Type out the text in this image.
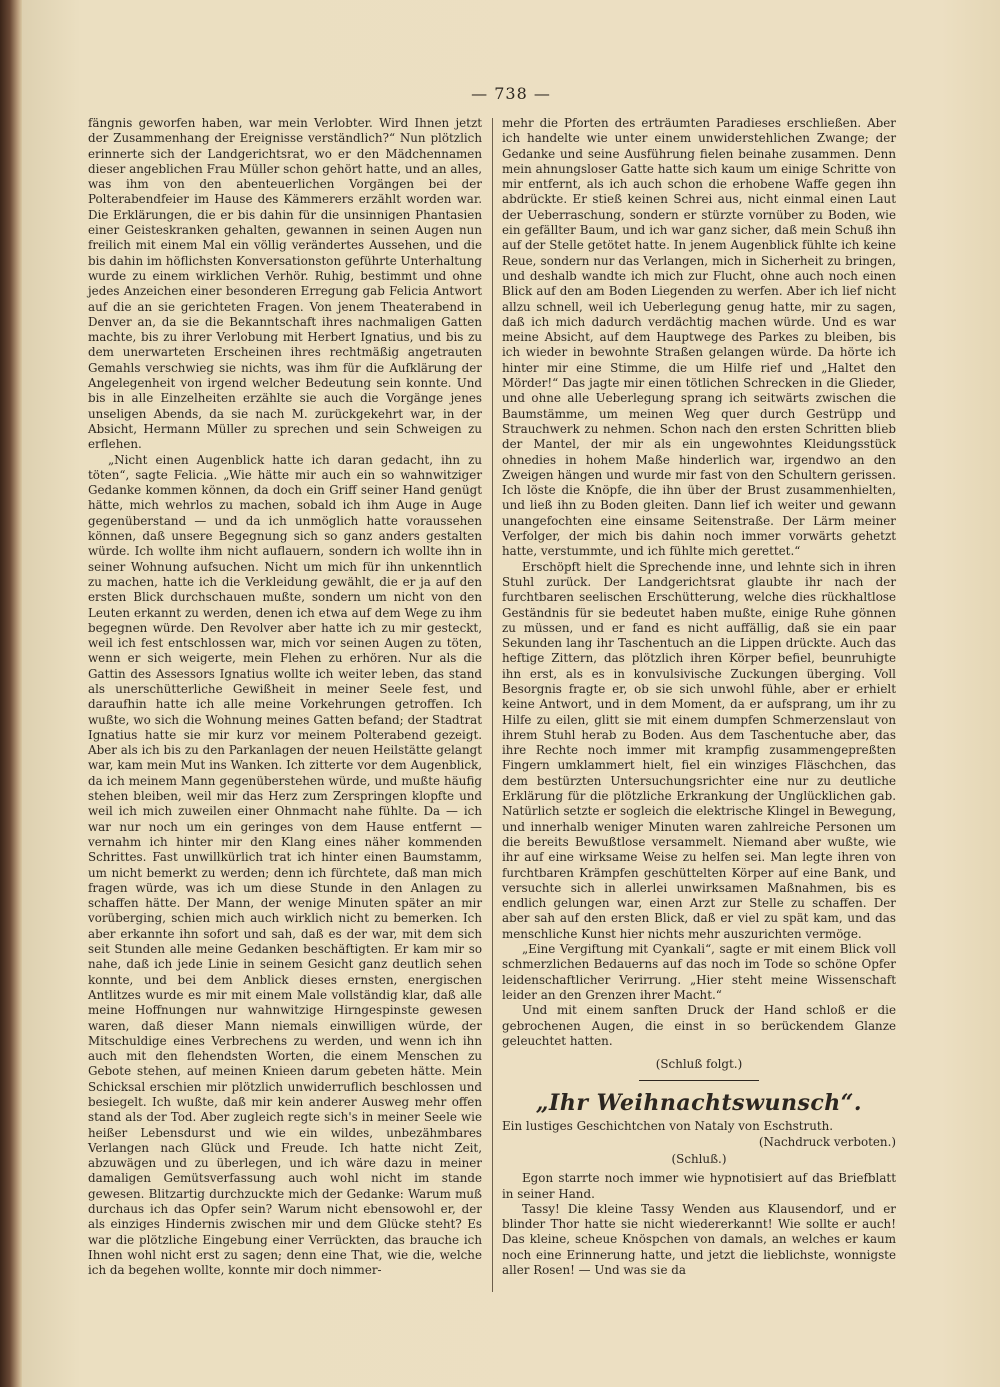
— 738 —

fängnis geworfen haben, war mein Verlobter. Wird Ihnen jetzt der Zusammenhang der Ereignisse verständlich?“ Nun plötzlich erinnerte sich der Landgerichtsrat, wo er den Mädchennamen dieser angeblichen Frau Müller schon gehört hatte, und an alles, was ihm von den abenteuerlichen Vorgängen bei der Polterabendfeier im Hause des Kämmerers erzählt worden war. Die Erklärungen, die er bis dahin für die unsinnigen Phantasien einer Geisteskranken gehalten, gewannen in seinen Augen nun freilich mit einem Mal ein völlig verändertes Aussehen, und die bis dahin im höflichsten Konversationston geführte Unterhaltung wurde zu einem wirklichen Verhör. Ruhig, bestimmt und ohne jedes Anzeichen einer besonderen Erregung gab Felicia Antwort auf die an sie gerichteten Fragen. Von jenem Theaterabend in Denver an, da sie die Bekanntschaft ihres nachmaligen Gatten machte, bis zu ihrer Verlobung mit Herbert Ignatius, und bis zu dem unerwarteten Erscheinen ihres rechtmäßig angetrauten Gemahls verschwieg sie nichts, was ihm für die Aufklärung der Angelegenheit von irgend welcher Bedeutung sein konnte. Und bis in alle Einzelheiten erzählte sie auch die Vorgänge jenes unseligen Abends, da sie nach M. zurückgekehrt war, in der Absicht, Hermann Müller zu sprechen und sein Schweigen zu erflehen.

„Nicht einen Augenblick hatte ich daran gedacht, ihn zu töten“, sagte Felicia. „Wie hätte mir auch ein so wahnwitziger Gedanke kommen können, da doch ein Griff seiner Hand genügt hätte, mich wehrlos zu machen, sobald ich ihm Auge in Auge gegenüberstand — und da ich unmöglich hatte voraussehen können, daß unsere Begegnung sich so ganz anders gestalten würde. Ich wollte ihm nicht auflauern, sondern ich wollte ihn in seiner Wohnung aufsuchen. Nicht um mich für ihn unkenntlich zu machen, hatte ich die Verkleidung gewählt, die er ja auf den ersten Blick durchschauen mußte, sondern um nicht von den Leuten erkannt zu werden, denen ich etwa auf dem Wege zu ihm begegnen würde. Den Revolver aber hatte ich zu mir gesteckt, weil ich fest entschlossen war, mich vor seinen Augen zu töten, wenn er sich weigerte, mein Flehen zu erhören. Nur als die Gattin des Assessors Ignatius wollte ich weiter leben, das stand als unerschütterliche Gewißheit in meiner Seele fest, und daraufhin hatte ich alle meine Vorkehrungen getroffen. Ich wußte, wo sich die Wohnung meines Gatten befand; der Stadtrat Ignatius hatte sie mir kurz vor meinem Polterabend gezeigt. Aber als ich bis zu den Parkanlagen der neuen Heilstätte gelangt war, kam mein Mut ins Wanken. Ich zitterte vor dem Augenblick, da ich meinem Mann gegenüberstehen würde, und mußte häufig stehen bleiben, weil mir das Herz zum Zerspringen klopfte und weil ich mich zuweilen einer Ohnmacht nahe fühlte. Da — ich war nur noch um ein geringes von dem Hause entfernt — vernahm ich hinter mir den Klang eines näher kommenden Schrittes. Fast unwillkürlich trat ich hinter einen Baumstamm, um nicht bemerkt zu werden; denn ich fürchtete, daß man mich fragen würde, was ich um diese Stunde in den Anlagen zu schaffen hätte. Der Mann, der wenige Minuten später an mir vorüberging, schien mich auch wirklich nicht zu bemerken. Ich aber erkannte ihn sofort und sah, daß es der war, mit dem sich seit Stunden alle meine Gedanken beschäftigten. Er kam mir so nahe, daß ich jede Linie in seinem Gesicht ganz deutlich sehen konnte, und bei dem Anblick dieses ernsten, energischen Antlitzes wurde es mir mit einem Male vollständig klar, daß alle meine Hoffnungen nur wahnwitzige Hirngespinste gewesen waren, daß dieser Mann niemals einwilligen würde, der Mitschuldige eines Verbrechens zu werden, und wenn ich ihn auch mit den flehendsten Worten, die einem Menschen zu Gebote stehen, auf meinen Knieen darum gebeten hätte. Mein Schicksal erschien mir plötzlich unwiderruflich beschlossen und besiegelt. Ich wußte, daß mir kein anderer Ausweg mehr offen stand als der Tod. Aber zugleich regte sich's in meiner Seele wie heißer Lebensdurst und wie ein wildes, unbezähmbares Verlangen nach Glück und Freude. Ich hatte nicht Zeit, abzuwägen und zu überlegen, und ich wäre dazu in meiner damaligen Gemütsverfassung auch wohl nicht im stande gewesen. Blitzartig durchzuckte mich der Gedanke: Warum muß durchaus ich das Opfer sein? Warum nicht ebensowohl er, der als einziges Hindernis zwischen mir und dem Glücke steht? Es war die plötzliche Eingebung einer Verrückten, das brauche ich Ihnen wohl nicht erst zu sagen; denn eine That, wie die, welche ich da begehen wollte, konnte mir doch nimmer-

mehr die Pforten des erträumten Paradieses erschließen. Aber ich handelte wie unter einem unwiderstehlichen Zwange; der Gedanke und seine Ausführung fielen beinahe zusammen. Denn mein ahnungsloser Gatte hatte sich kaum um einige Schritte von mir entfernt, als ich auch schon die erhobene Waffe gegen ihn abdrückte. Er stieß keinen Schrei aus, nicht einmal einen Laut der Ueberraschung, sondern er stürzte vornüber zu Boden, wie ein gefällter Baum, und ich war ganz sicher, daß mein Schuß ihn auf der Stelle getötet hatte. In jenem Augenblick fühlte ich keine Reue, sondern nur das Verlangen, mich in Sicherheit zu bringen, und deshalb wandte ich mich zur Flucht, ohne auch noch einen Blick auf den am Boden Liegenden zu werfen. Aber ich lief nicht allzu schnell, weil ich Ueberlegung genug hatte, mir zu sagen, daß ich mich dadurch verdächtig machen würde. Und es war meine Absicht, auf dem Hauptwege des Parkes zu bleiben, bis ich wieder in bewohnte Straßen gelangen würde. Da hörte ich hinter mir eine Stimme, die um Hilfe rief und „Haltet den Mörder!“ Das jagte mir einen tötlichen Schrecken in die Glieder, und ohne alle Ueberlegung sprang ich seitwärts zwischen die Baumstämme, um meinen Weg quer durch Gestrüpp und Strauchwerk zu nehmen. Schon nach den ersten Schritten blieb der Mantel, der mir als ein ungewohntes Kleidungsstück ohnedies in hohem Maße hinderlich war, irgendwo an den Zweigen hängen und wurde mir fast von den Schultern gerissen. Ich löste die Knöpfe, die ihn über der Brust zusammenhielten, und ließ ihn zu Boden gleiten. Dann lief ich weiter und gewann unangefochten eine einsame Seitenstraße. Der Lärm meiner Verfolger, der mich bis dahin noch immer vorwärts gehetzt hatte, verstummte, und ich fühlte mich gerettet.“

Erschöpft hielt die Sprechende inne, und lehnte sich in ihren Stuhl zurück. Der Landgerichtsrat glaubte ihr nach der furchtbaren seelischen Erschütterung, welche dies rückhaltlose Geständnis für sie bedeutet haben mußte, einige Ruhe gönnen zu müssen, und er fand es nicht auffällig, daß sie ein paar Sekunden lang ihr Taschentuch an die Lippen drückte. Auch das heftige Zittern, das plötzlich ihren Körper befiel, beunruhigte ihn erst, als es in konvulsivische Zuckungen überging. Voll Besorgnis fragte er, ob sie sich unwohl fühle, aber er erhielt keine Antwort, und in dem Moment, da er aufsprang, um ihr zu Hilfe zu eilen, glitt sie mit einem dumpfen Schmerzenslaut von ihrem Stuhl herab zu Boden. Aus dem Taschentuche aber, das ihre Rechte noch immer mit krampfig zusammengepreßten Fingern umklammert hielt, fiel ein winziges Fläschchen, das dem bestürzten Untersuchungsrichter eine nur zu deutliche Erklärung für die plötzliche Erkrankung der Unglücklichen gab. Natürlich setzte er sogleich die elektrische Klingel in Bewegung, und innerhalb weniger Minuten waren zahlreiche Personen um die bereits Bewußtlose versammelt. Niemand aber wußte, wie ihr auf eine wirksame Weise zu helfen sei. Man legte ihren von furchtbaren Krämpfen geschüttelten Körper auf eine Bank, und versuchte sich in allerlei unwirksamen Maßnahmen, bis es endlich gelungen war, einen Arzt zur Stelle zu schaffen. Der aber sah auf den ersten Blick, daß er viel zu spät kam, und das menschliche Kunst hier nichts mehr auszurichten vermöge.

„Eine Vergiftung mit Cyankali“, sagte er mit einem Blick voll schmerzlichen Bedauerns auf das noch im Tode so schöne Opfer leidenschaftlicher Verirrung. „Hier steht meine Wissenschaft leider an den Grenzen ihrer Macht.“

Und mit einem sanften Druck der Hand schloß er die gebrochenen Augen, die einst in so berückendem Glanze geleuchtet hatten.

(Schluß folgt.)
„Ihr Weihnachtswunsch“.
Ein lustiges Geschichtchen von Nataly von Eschstruth.
(Nachdruck verboten.)
(Schluß.)

Egon starrte noch immer wie hypnotisiert auf das Briefblatt in seiner Hand.

Tassy! Die kleine Tassy Wenden aus Klausendorf, und er blinder Thor hatte sie nicht wiedererkannt! Wie sollte er auch! Das kleine, scheue Knöspchen von damals, an welches er kaum noch eine Erinnerung hatte, und jetzt die lieblichste, wonnigste aller Rosen! — Und was sie da
